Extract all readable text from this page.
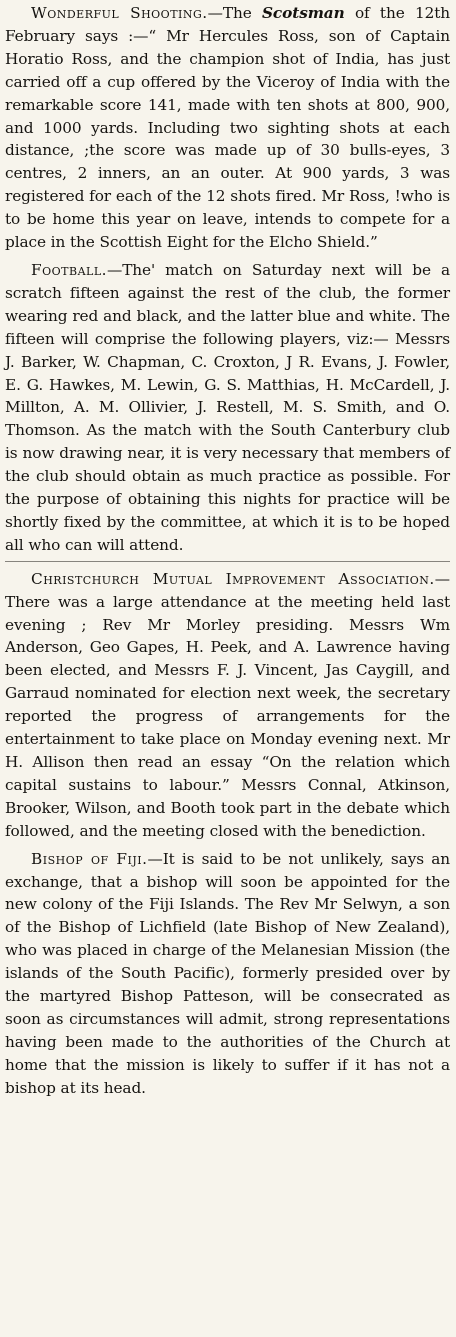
Wonderful Shooting.—The Scotsman of the 12th February says :—“ Mr Hercules Ross, son of Captain Horatio Ross, and the champion shot of India, has just carried off a cup offered by the Viceroy of India with the remarkable score 141, made with ten shots at 800, 900, and 1000 yards. Including two sighting shots at each distance, ;the score was made up of 30 bulls-eyes, 3 centres, 2 inners, an an outer. At 900 yards, 3 was registered for each of the 12 shots fired. Mr Ross, !who is to be home this year on leave, intends to compete for a place in the Scottish Eight for the Elcho Shield.”

Football.—The' match on Saturday next will be a scratch fifteen against the rest of the club, the former wearing red and black, and the latter blue and white. The fifteen will comprise the following players, viz:— Messrs J. Barker, W. Chapman, C. Croxton, J R. Evans, J. Fowler, E. G. Hawkes, M. Lewin, G. S. Matthias, H. McCardell, J. Millton, A. M. Ollivier, J. Restell, M. S. Smith, and O. Thomson. As the match with the South Canterbury club is now drawing near, it is very necessary that members of the club should obtain as much practice as possible. For the purpose of obtaining this nights for practice will be shortly fixed by the committee, at which it is to be hoped all who can will attend.

Christchurch Mutual Improvement Association.—There was a large attendance at the meeting held last evening ; Rev Mr Morley presiding. Messrs Wm Anderson, Geo Gapes, H. Peek, and A. Lawrence having been elected, and Messrs F. J. Vincent, Jas Caygill, and Garraud nominated for election next week, the secretary reported the progress of arrangements for the entertainment to take place on Monday evening next. Mr H. Allison then read an essay “On the relation which capital sustains to labour.” Messrs Connal, Atkinson, Brooker, Wilson, and Booth took part in the debate which followed, and the meeting closed with the benediction.

Bishop of Fiji.—It is said to be not unlikely, says an exchange, that a bishop will soon be appointed for the new colony of the Fiji Islands. The Rev Mr Selwyn, a son of the Bishop of Lichfield (late Bishop of New Zealand), who was placed in charge of the Melanesian Mission (the islands of the South Pacific), formerly presided over by the martyred Bishop Patteson, will be consecrated as soon as circumstances will admit, strong representations having been made to the authorities of the Church at home that the mission is likely to suffer if it has not a bishop at its head.
